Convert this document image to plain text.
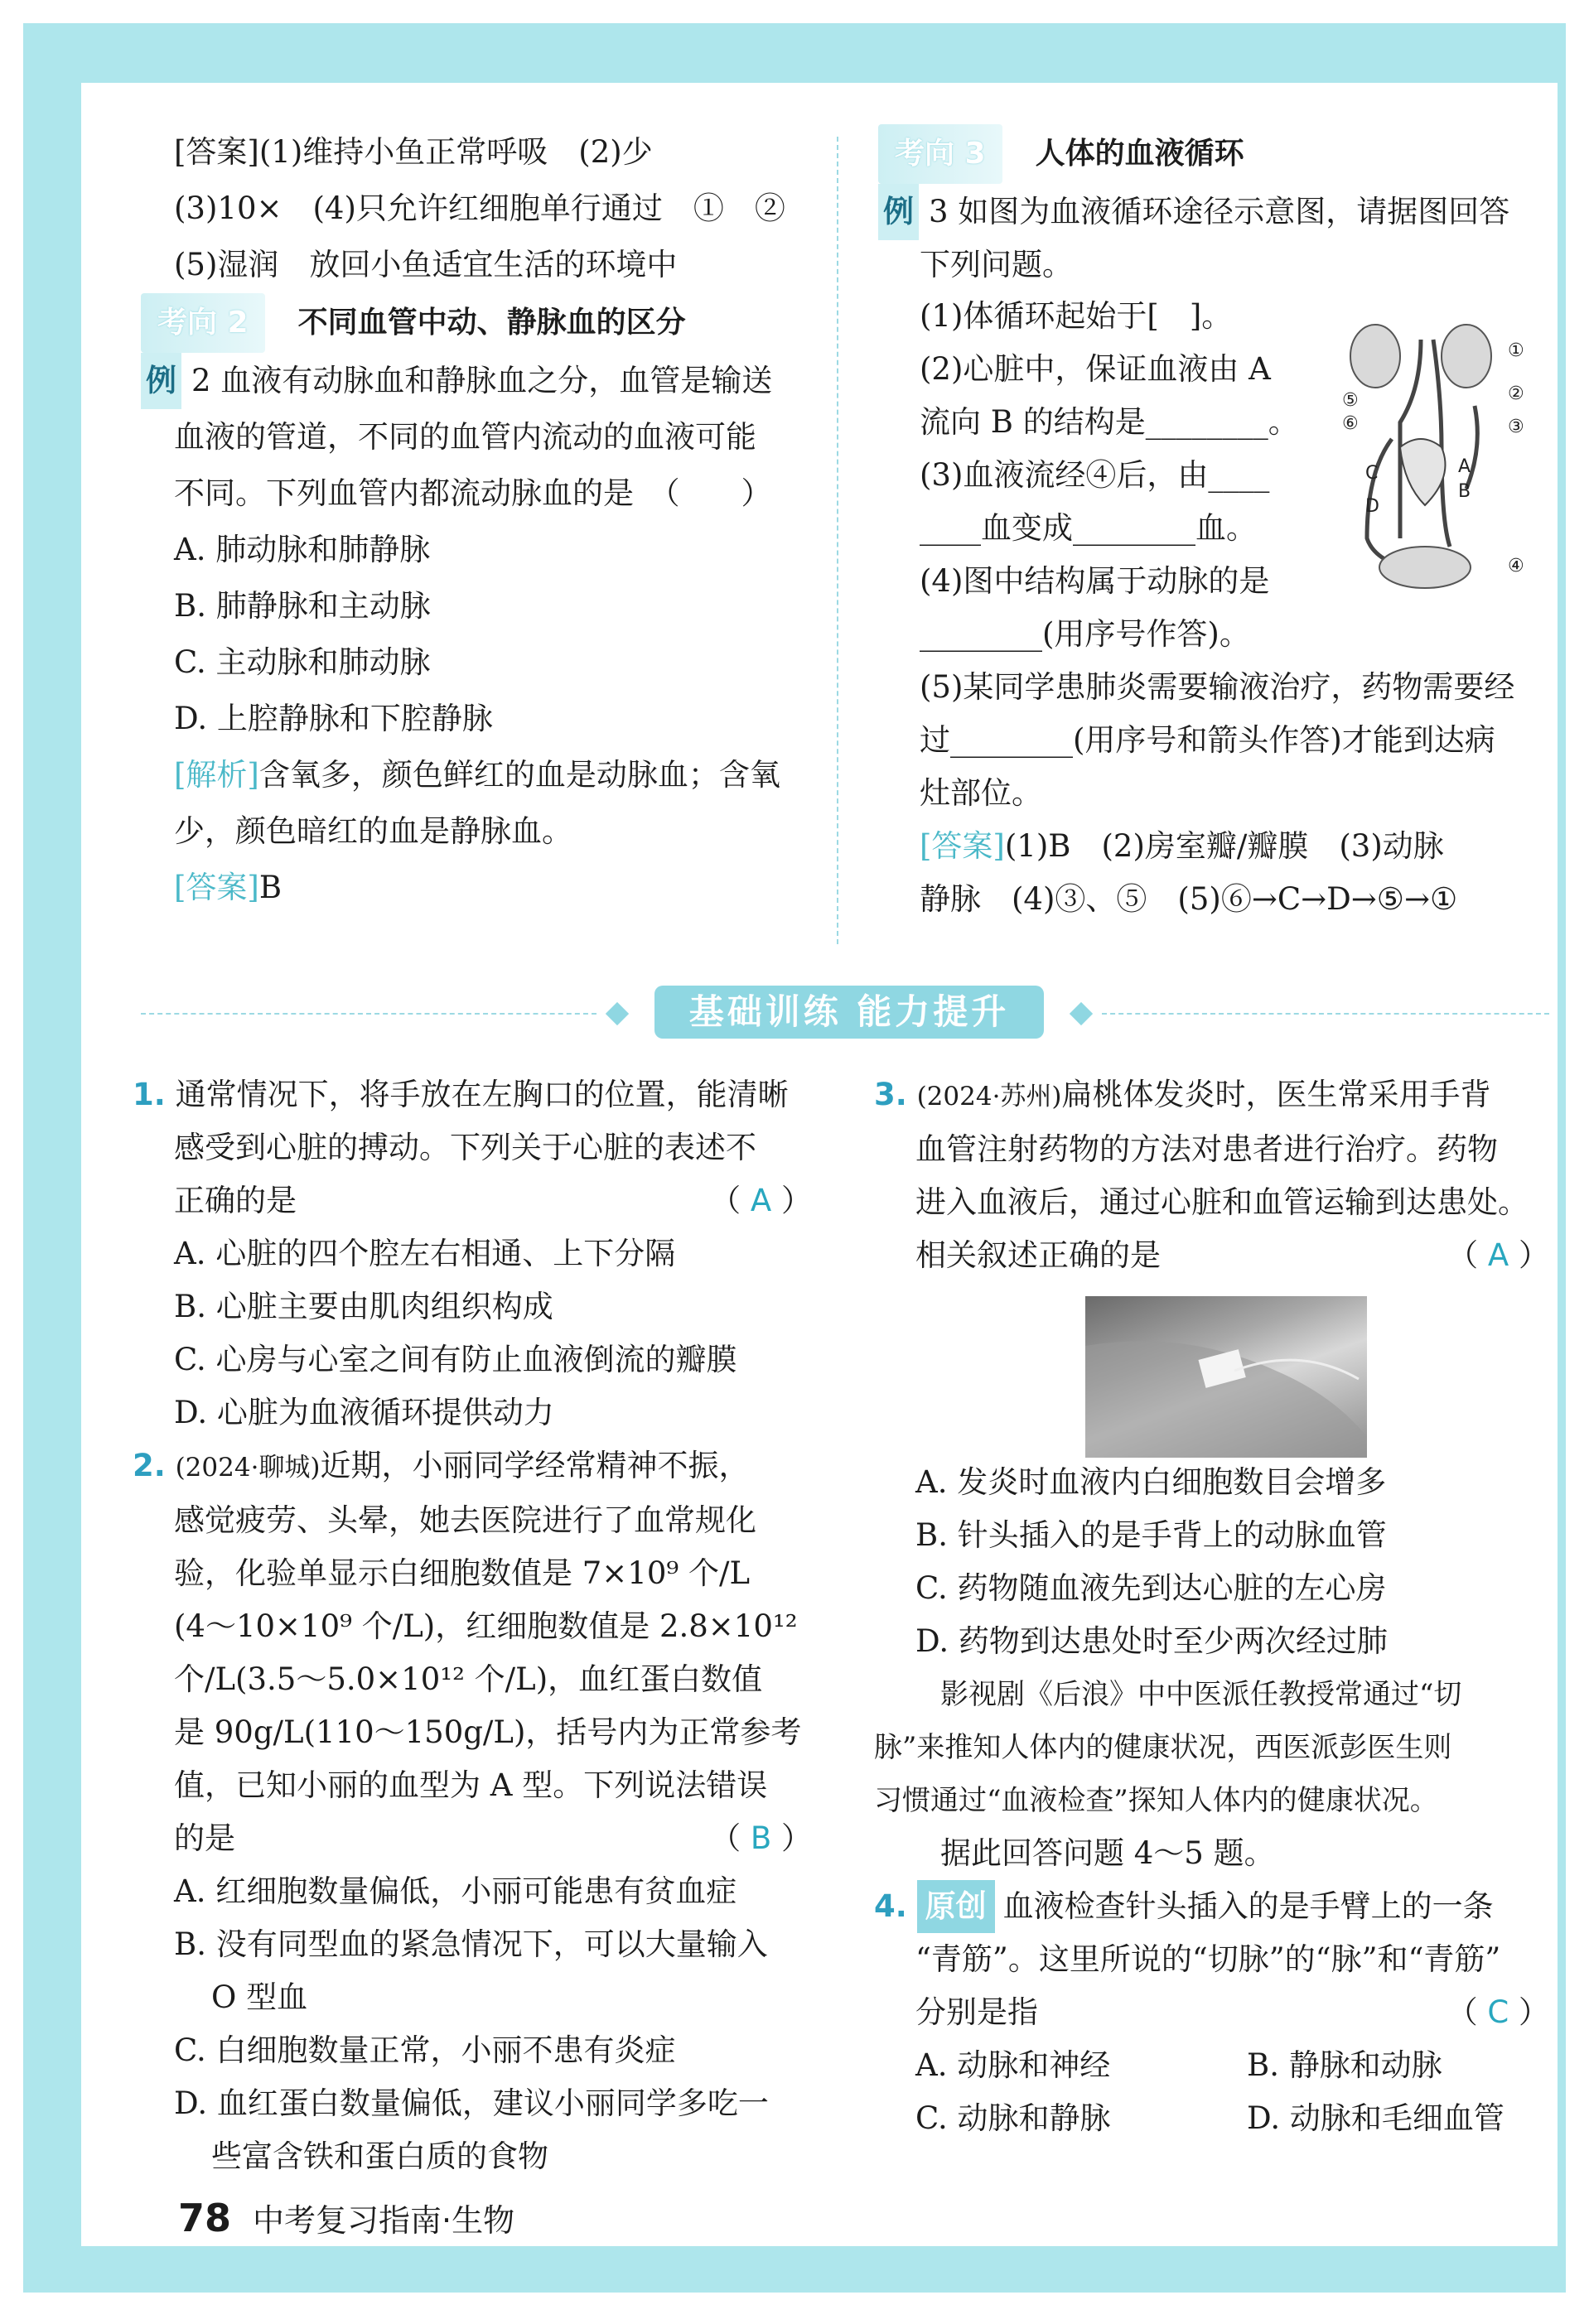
[答案](1)维持小鱼正常呼吸　(2)少
(3)10×　(4)只允许红细胞单行通过　①　②
(5)湿润　放回小鱼适宜生活的环境中
考向 2	不同血管中动、静脉血的区分
例 2 血液有动脉血和静脉血之分，血管是输送
血液的管道，不同的血管内流动的血液可能
不同。下列血管内都流动脉血的是　（　　）
A. 肺动脉和肺静脉
B. 肺静脉和主动脉
C. 主动脉和肺动脉
D. 上腔静脉和下腔静脉
[解析]含氧多，颜色鲜红的血是动脉血；含氧
少，颜色暗红的血是静脉血。
[答案]B
考向 3	人体的血液循环
例 3 如图为血液循环途径示意图，请据图回答
下列问题。
(1)体循环起始于[　]。
(2)心脏中，保证血液由 A
流向 B 的结构是________。
(3)血液流经④后，由____
____血变成________血。
(4)图中结构属于动脉的是
________(用序号作答)。
(5)某同学患肺炎需要输液治疗，药物需要经
过________(用序号和箭头作答)才能到达病
灶部位。
[答案](1)B　(2)房室瓣/瓣膜　(3)动脉
静脉　(4)③、⑤　(5)⑥→C→D→⑤→①
①
②
③
④
⑤
⑥
A
B
C
D
基础训练 能力提升
1. 通常情况下，将手放在左胸口的位置，能清晰
感受到心脏的搏动。下列关于心脏的表述不
正确的是	（ A ）
A. 心脏的四个腔左右相通、上下分隔
B. 心脏主要由肌肉组织构成
C. 心房与心室之间有防止血液倒流的瓣膜
D. 心脏为血液循环提供动力
2. (2024·聊城)近期，小丽同学经常精神不振，
感觉疲劳、头晕，她去医院进行了血常规化
验，化验单显示白细胞数值是 7×10⁹ 个/L
(4～10×10⁹ 个/L)，红细胞数值是 2.8×10¹²
个/L(3.5～5.0×10¹² 个/L)，血红蛋白数值
是 90g/L(110～150g/L)，括号内为正常参考
值，已知小丽的血型为 A 型。下列说法错误
的是	（ B ）
A. 红细胞数量偏低，小丽可能患有贫血症
B. 没有同型血的紧急情况下，可以大量输入
O 型血
C. 白细胞数量正常，小丽不患有炎症
D. 血红蛋白数量偏低，建议小丽同学多吃一
些富含铁和蛋白质的食物
3. (2024·苏州)扁桃体发炎时，医生常采用手背
血管注射药物的方法对患者进行治疗。药物
进入血液后，通过心脏和血管运输到达患处。
相关叙述正确的是	（ A ）
A. 发炎时血液内白细胞数目会增多
B. 针头插入的是手背上的动脉血管
C. 药物随血液先到达心脏的左心房
D. 药物到达患处时至少两次经过肺
影视剧《后浪》中中医派任教授常通过“切
脉”来推知人体内的健康状况，西医派彭医生则
习惯通过“血液检查”探知人体内的健康状况。
据此回答问题 4～5 题。
4. 原创 血液检查针头插入的是手臂上的一条
“青筋”。这里所说的“切脉”的“脉”和“青筋”
分别是指	（ C ）
A. 动脉和神经	B. 静脉和动脉
C. 动脉和静脉	D. 动脉和毛细血管
78 中考复习指南·生物
